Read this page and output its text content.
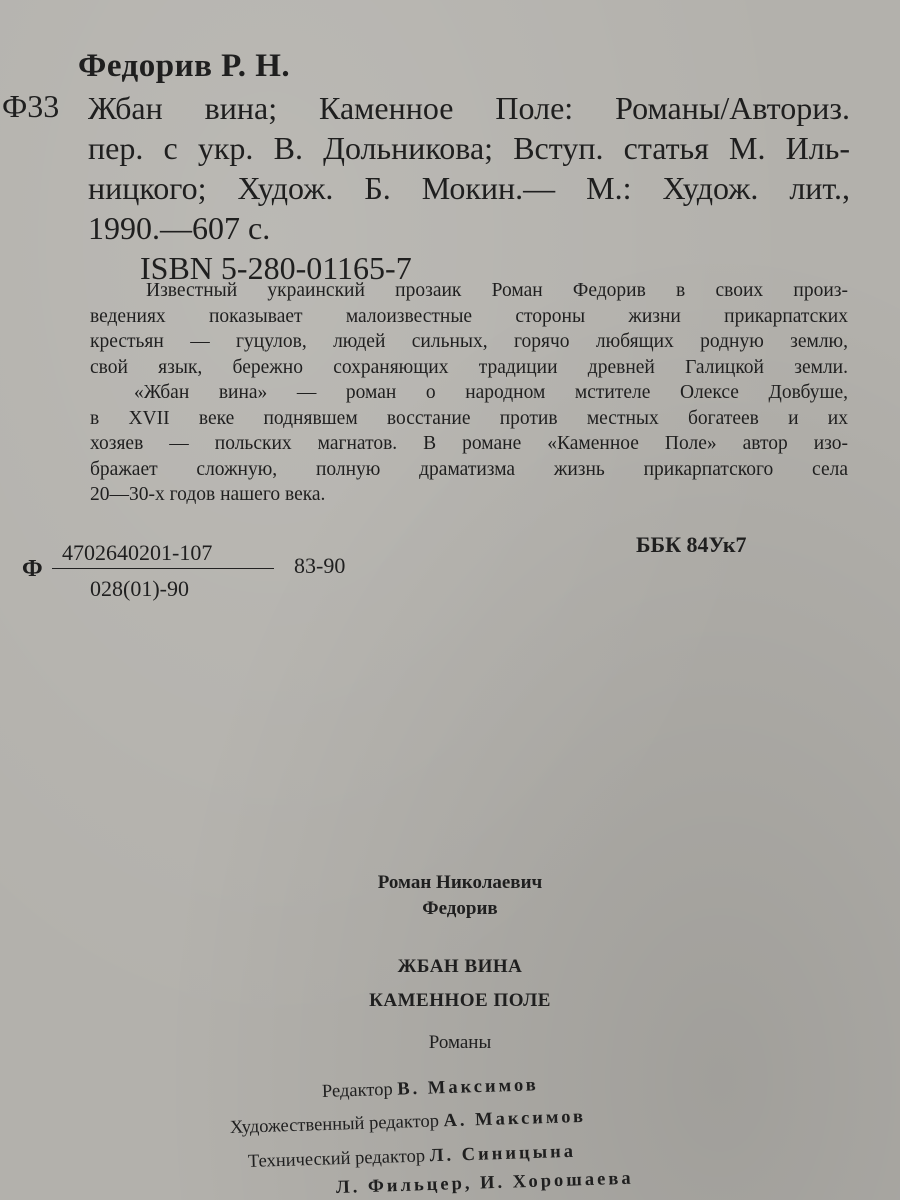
Федорив Р. Н.
Ф33 Жбан вина; Каменное Поле: Романы/Авториз.
пер. с укр. В. Дольникова; Вступ. статья М. Иль-
ницкого; Худож. Б. Мокин.— М.: Худож. лит.,
1990.—607 с.
ISBN 5-280-01165-7
Известный украинский прозаик Роман Федорив в своих произ-
ведениях показывает малоизвестные стороны жизни прикарпатских
крестьян — гуцулов, людей сильных, горячо любящих родную землю,
свой язык, бережно сохраняющих традиции древней Галицкой земли.
«Жбан вина» — роман о народном мстителе Олексе Довбуше,
в XVII веке поднявшем восстание против местных богатеев и их
хозяев — польских магнатов. В романе «Каменное Поле» автор изо-
бражает сложную, полную драматизма жизнь прикарпатского села
20—30-х годов нашего века.
Ф
4702640201-107
028(01)-90
83-90
ББК 84Ук7
Роман Николаевич
Федорив
ЖБАН ВИНА
КАМЕННОЕ ПОЛЕ
Романы
Редактор В. Максимов
Художественный редактор А. Максимов
Технический редактор Л. Синицына
Л. Фильцер, И. Хорошаева
